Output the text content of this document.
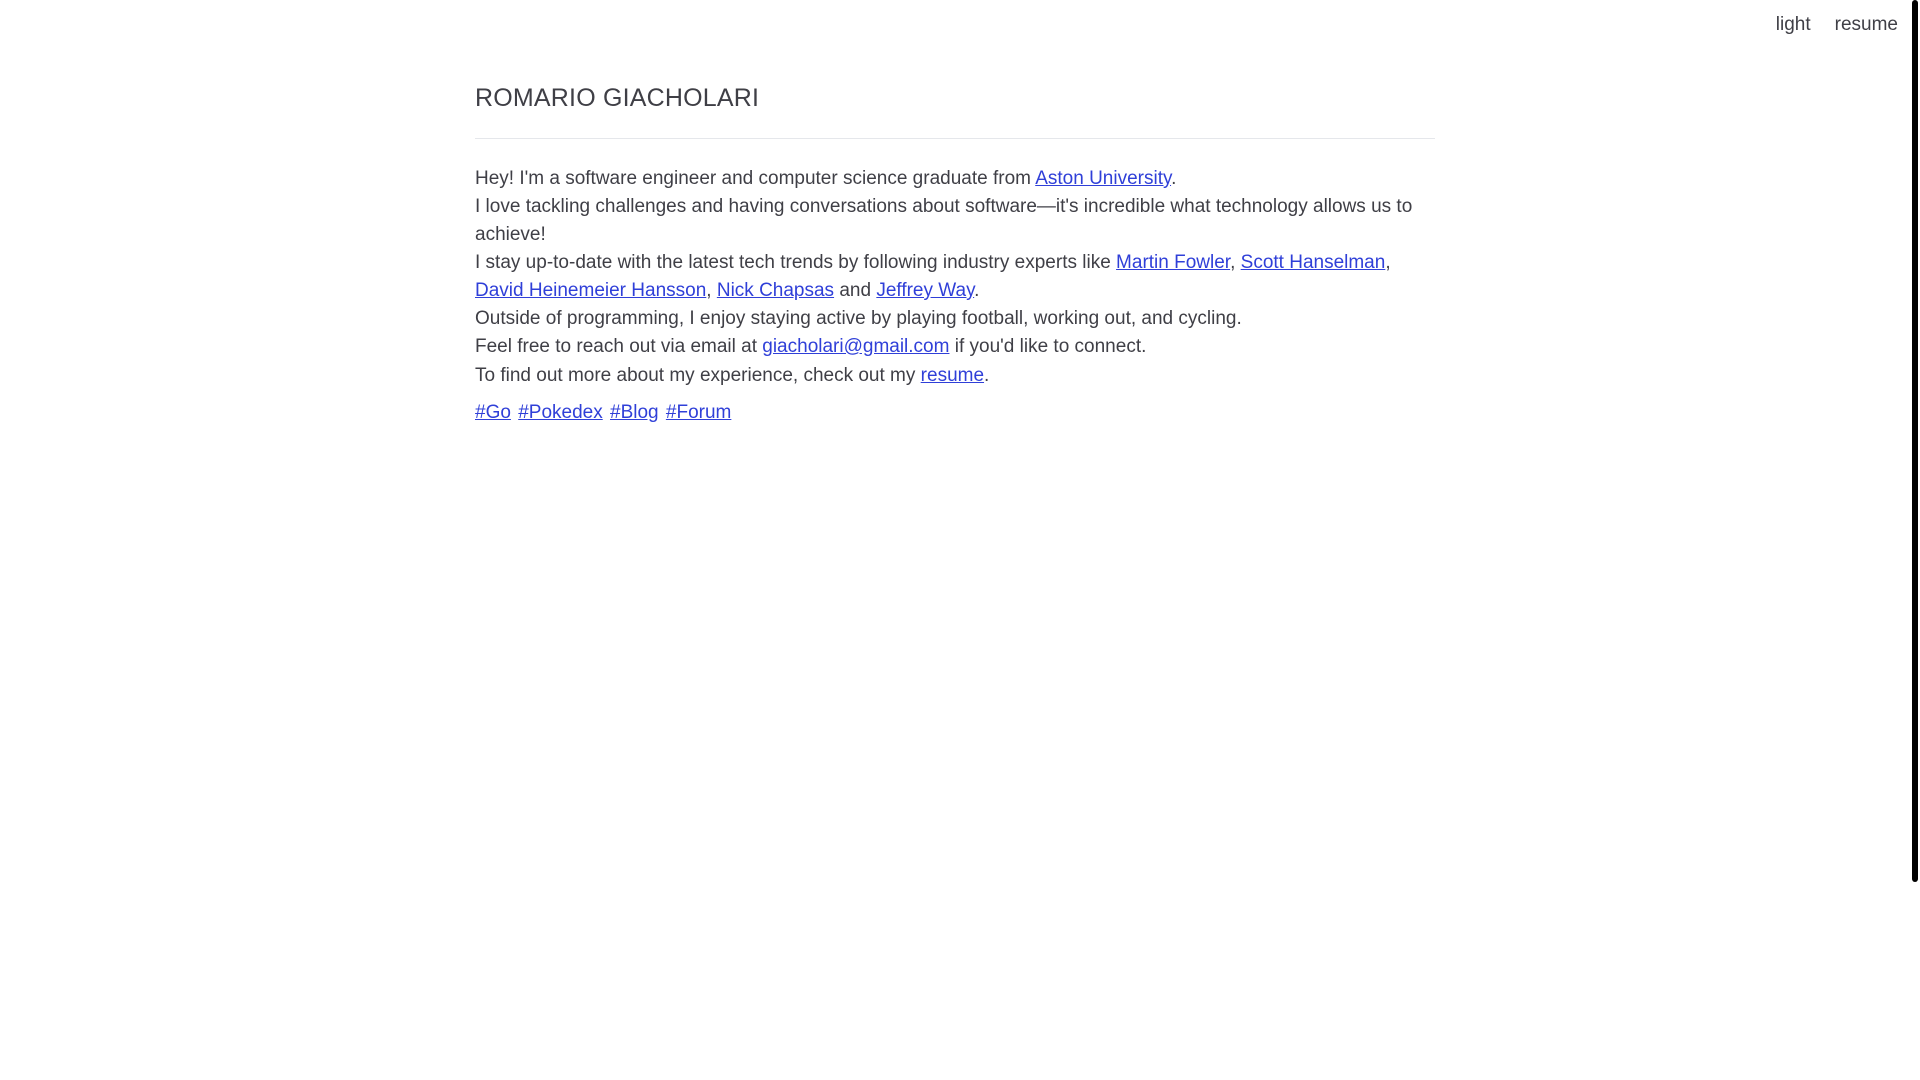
light resume
ROMARIO GIACHOLARI

Hey! I'm a software engineer and computer science graduate from Aston University.

I love tackling challenges and having conversations about software—it's incredible what technology allows us to achieve!

I stay up-to-date with the latest tech trends by following industry experts like Martin Fowler, Scott Hanselman, David Heinemeier Hansson, Nick Chapsas and Jeffrey Way.

Outside of programming, I enjoy staying active by playing football, working out, and cycling.

Feel free to reach out via email at giacholari@gmail.com if you'd like to connect.

To find out more about my experience, check out my resume.

#Go #Pokedex #Blog #Forum
